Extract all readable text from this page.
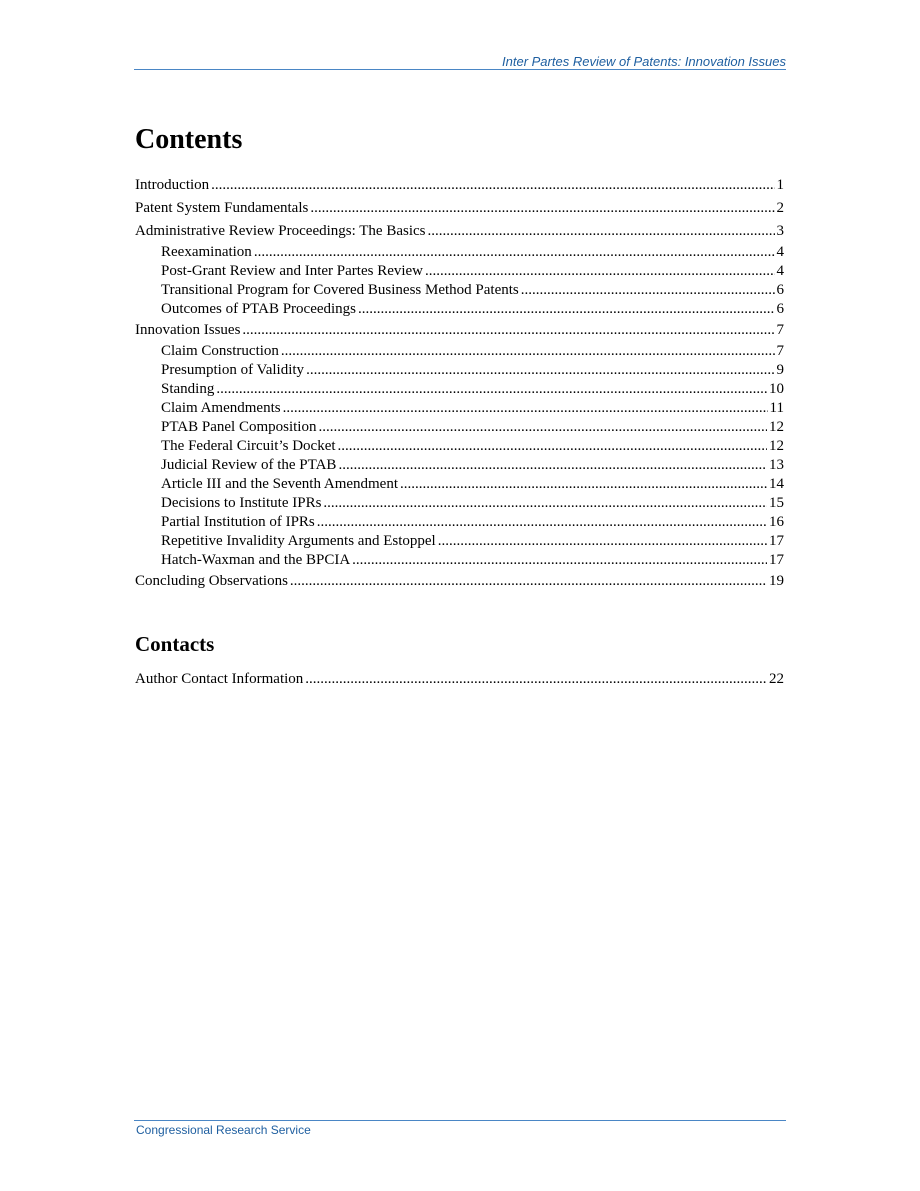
Inter Partes Review of Patents: Innovation Issues
Contents
Introduction .....	1
Patent System Fundamentals .....	2
Administrative Review Proceedings: The Basics .....	3
Reexamination .....	4
Post-Grant Review and Inter Partes Review .....	4
Transitional Program for Covered Business Method Patents .....	6
Outcomes of PTAB Proceedings .....	6
Innovation Issues .....	7
Claim Construction .....	7
Presumption of Validity .....	9
Standing .....	10
Claim Amendments .....	11
PTAB Panel Composition .....	12
The Federal Circuit’s Docket .....	12
Judicial Review of the PTAB .....	13
Article III and the Seventh Amendment .....	14
Decisions to Institute IPRs .....	15
Partial Institution of IPRs .....	16
Repetitive Invalidity Arguments and Estoppel .....	17
Hatch-Waxman and the BPCIA .....	17
Concluding Observations .....	19
Contacts
Author Contact Information .....	22
Congressional Research Service
